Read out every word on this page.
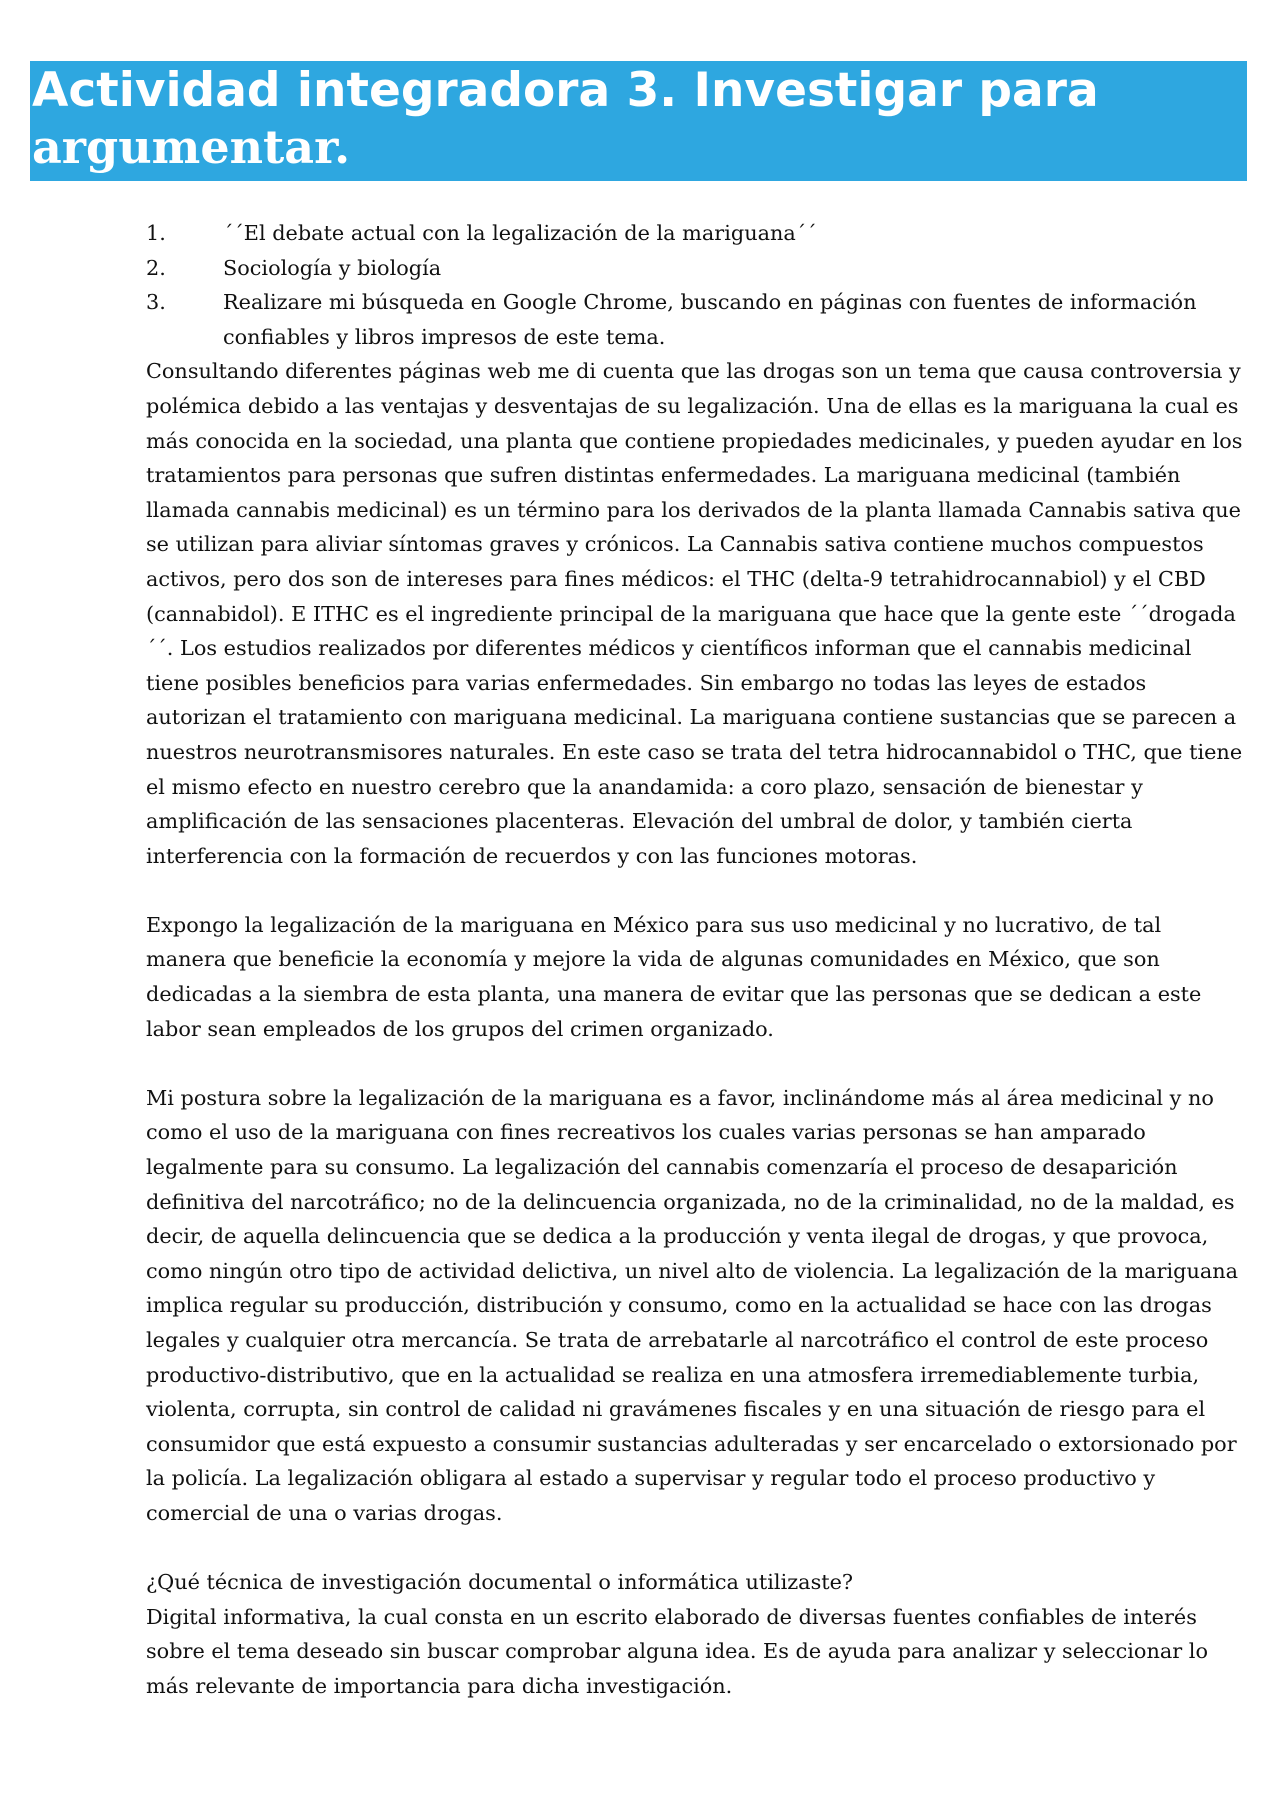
Actividad integradora 3. Investigar para
argumentar.
1.	´´El debate actual con la legalización de la mariguana´´
2.	Sociología y biología
3.	Realizare mi búsqueda en Google Chrome, buscando en páginas con fuentes de información confiables y libros impresos de este tema.

Consultando diferentes páginas web me di cuenta que las drogas son un tema que causa controversia y polémica debido a las ventajas y desventajas de su legalización. Una de ellas es la mariguana la cual es más conocida en la sociedad, una planta que contiene propiedades medicinales, y pueden ayudar en los tratamientos para personas que sufren distintas enfermedades. La mariguana medicinal (también llamada cannabis medicinal) es un término para los derivados de la planta llamada Cannabis sativa que se utilizan para aliviar síntomas graves y crónicos. La Cannabis sativa contiene muchos compuestos activos, pero dos son de intereses para fines médicos: el THC (delta-9 tetrahidrocannabiol) y el CBD (cannabidol). E ITHC es el ingrediente principal de la mariguana que hace que la gente este ´´drogada´´. Los estudios realizados por diferentes médicos y científicos informan que el cannabis medicinal tiene posibles beneficios para varias enfermedades. Sin embargo no todas las leyes de estados autorizan el tratamiento con mariguana medicinal. La mariguana contiene sustancias que se parecen a nuestros neurotransmisores naturales. En este caso se trata del tetra hidrocannabidol o THC, que tiene el mismo efecto en nuestro cerebro que la anandamida: a coro plazo, sensación de bienestar y amplificación de las sensaciones placenteras. Elevación del umbral de dolor, y también cierta interferencia con la formación de recuerdos y con las funciones motoras.

Expongo la legalización de la mariguana en México para sus uso medicinal y no lucrativo, de tal manera que beneficie la economía y mejore la vida de algunas comunidades en México, que son dedicadas a la siembra de esta planta, una manera de evitar que las personas que se dedican a este labor sean empleados de los grupos del crimen organizado.

Mi postura sobre la legalización de la mariguana es a favor, inclinándome más al área medicinal y no como el uso de la mariguana con fines recreativos los cuales varias personas se han amparado legalmente para su consumo. La legalización del cannabis comenzaría el proceso de desaparición definitiva del narcotráfico; no de la delincuencia organizada, no de la criminalidad, no de la maldad, es decir, de aquella delincuencia que se dedica a la producción y venta ilegal de drogas, y que provoca, como ningún otro tipo de actividad delictiva, un nivel alto de violencia. La legalización de la mariguana implica regular su producción, distribución y consumo, como en la actualidad se hace con las drogas legales y cualquier otra mercancía. Se trata de arrebatarle al narcotráfico el control de este proceso productivo-distributivo, que en la actualidad se realiza en una atmosfera irremediablemente turbia, violenta, corrupta, sin control de calidad ni gravámenes fiscales y en una situación de riesgo para el consumidor que está expuesto a consumir sustancias adulteradas y ser encarcelado o extorsionado por la policía. La legalización obligara al estado a supervisar y regular todo el proceso productivo y comercial de una o varias drogas.

¿Qué técnica de investigación documental o informática utilizaste?

Digital informativa, la cual consta en un escrito elaborado de diversas fuentes confiables de interés sobre el tema deseado sin buscar comprobar alguna idea. Es de ayuda para analizar y seleccionar lo más relevante de importancia para dicha investigación.
